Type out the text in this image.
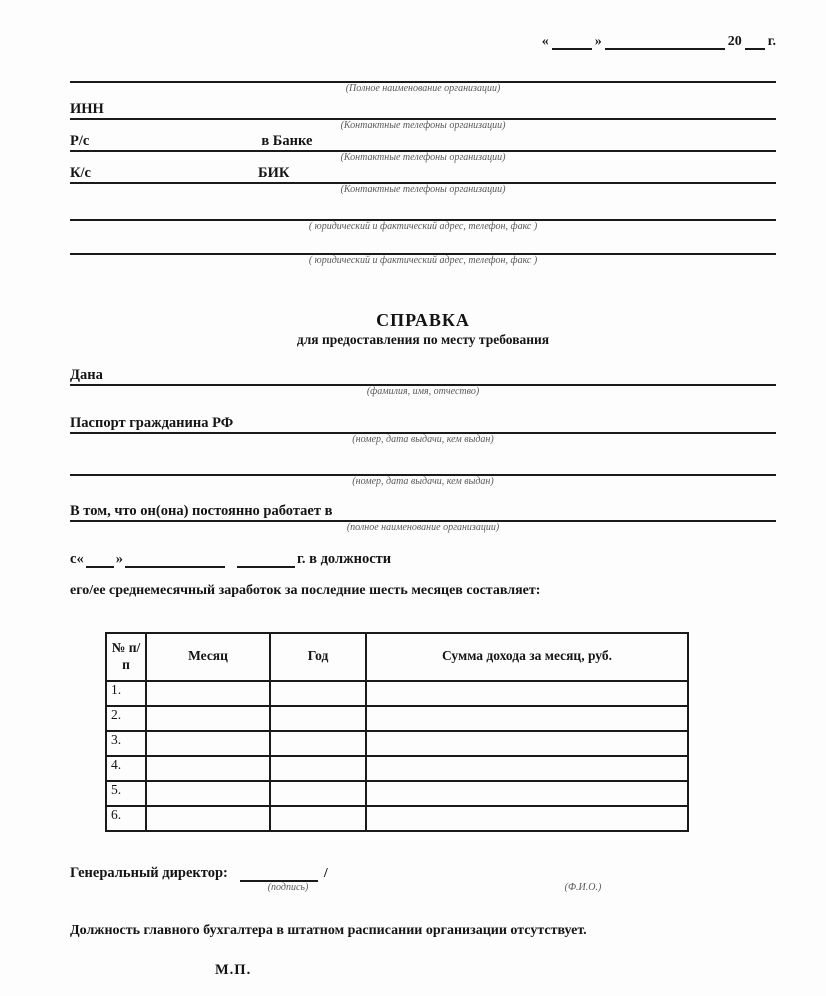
«	»	20 г.
(Полное наименование организации)
ИНН
(Контактные телефоны организации)
Р/с	в Банке
(Контактные телефоны организации)
К/с	БИК
(Контактные телефоны организации)
( юридический и фактический адрес, телефон, факс )
( юридический и фактический адрес, телефон, факс )
СПРАВКА
для предоставления по месту требования
Дана
(фамилия, имя, отчество)
Паспорт гражданина РФ
(номер, дата выдачи, кем выдан)
(номер, дата выдачи, кем выдан)
В том, что он(она) постоянно работает в
(полное наименование организации)
с « »	г. в должности
его/ее среднемесячный заработок за последние шесть месяцев составляет:
№ п/п	Месяц	Год	Сумма дохода за месяц, руб.
1.			
2.			
3.			
4.			
5.			
6.			
Генеральный директор:	/
(подпись)	(Ф.И.О.)
Должность главного бухгалтера в штатном расписании организации отсутствует.
М.П.
